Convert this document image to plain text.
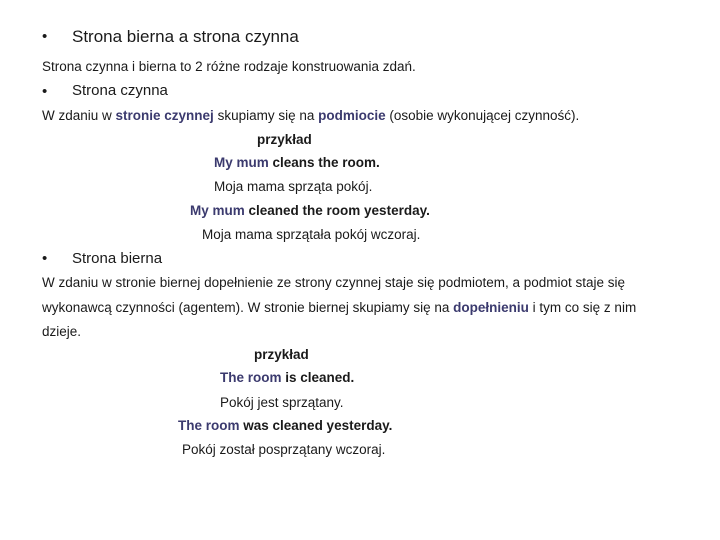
• Strona bierna a strona czynna
Strona czynna i bierna to 2 różne rodzaje konstruowania zdań.
• Strona czynna
W zdaniu w stronie czynnej skupiamy się na podmiocie (osobie wykonującej czynność).
przykład
My mum cleans the room.
Moja mama sprząta pokój.
My mum cleaned the room yesterday.
Moja mama sprzątała pokój wczoraj.
• Strona bierna
W zdaniu w stronie biernej dopełnienie ze strony czynnej staje się podmiotem, a podmiot staje się
wykonawcą czynności (agentem). W stronie biernej skupiamy się na dopełnieniu i tym co się z nim
dzieje.
przykład
The room is cleaned.
Pokój jest sprzątany.
The room was cleaned yesterday.
Pokój został posprzątany wczoraj.
